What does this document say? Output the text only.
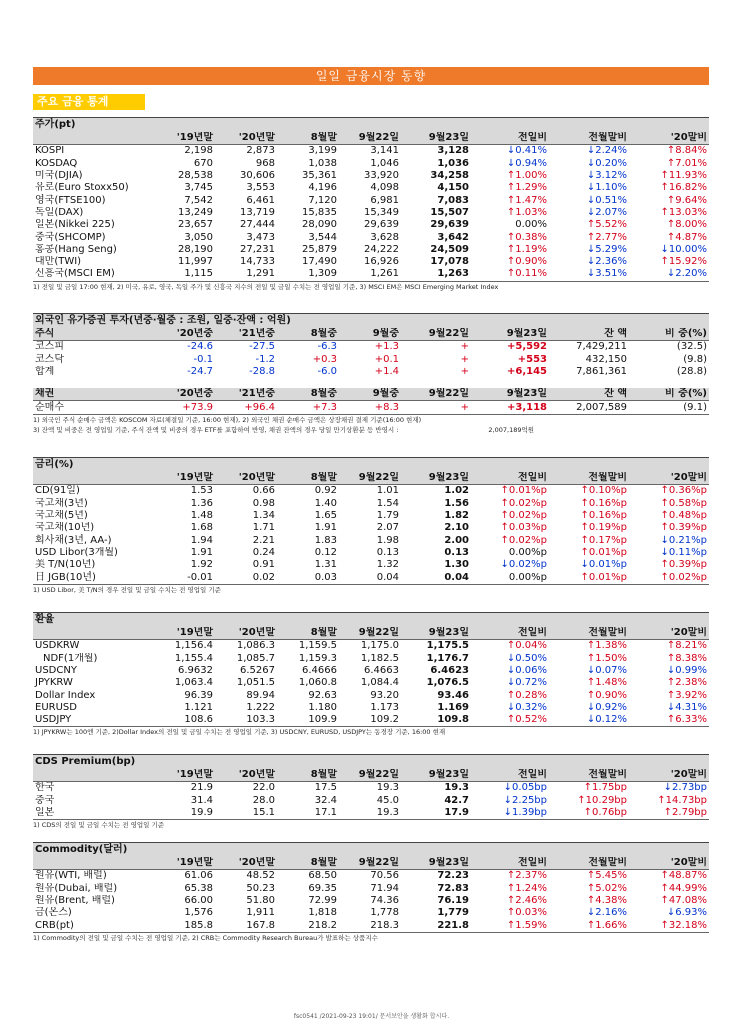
일일 금융시장 동향
주요 금융 통계
주가(pt)
	'19년말	'20년말	8월말	9월22일	9월23일	전일비	전월말비	'20말비
KOSPI	2,198	2,873	3,199	3,141	3,128	↓0.41%	↓2.24%	↑8.84%
KOSDAQ	670	968	1,038	1,046	1,036	↓0.94%	↓0.20%	↑7.01%
미국(DJIA)	28,538	30,606	35,361	33,920	34,258	↑1.00%	↓3.12%	↑11.93%
유로(Euro Stoxx50)	3,745	3,553	4,196	4,098	4,150	↑1.29%	↓1.10%	↑16.82%
영국(FTSE100)	7,542	6,461	7,120	6,981	7,083	↑1.47%	↓0.51%	↑9.64%
독일(DAX)	13,249	13,719	15,835	15,349	15,507	↑1.03%	↓2.07%	↑13.03%
일본(Nikkei 225)	23,657	27,444	28,090	29,639	29,639	0.00%	↑5.52%	↑8.00%
중국(SHCOMP)	3,050	3,473	3,544	3,628	3,642	↑0.38%	↑2.77%	↑4.87%
홍콩(Hang Seng)	28,190	27,231	25,879	24,222	24,509	↑1.19%	↓5.29%	↓10.00%
대만(TWI)	11,997	14,733	17,490	16,926	17,078	↑0.90%	↓2.36%	↑15.92%
신흥국(MSCI EM)	1,115	1,291	1,309	1,261	1,263	↑0.11%	↓3.51%	↓2.20%
1) 전일 및 금일 17:00 현재, 2) 미국, 유로, 영국, 독일 주가 및 신흥국 지수의 전일 및 금일 수치는 전 영업일 기준, 3) MSCI EM은 MSCI Emerging Market Index
외국인 유가증권 투자(년중·월중 : 조원, 일중·잔액 : 억원)
주식	'20년중	'21년중	8월중	9월중	9월22일	9월23일	잔 액	비 중(%)
코스피	-24.6	-27.5	-6.3	+1.3	+	+5,592	7,429,211	(32.5)
코스닥	-0.1	-1.2	+0.3	+0.1	+	+553	432,150	(9.8)
합계	-24.7	-28.8	-6.0	+1.4	+	+6,145	7,861,361	(28.8)
채권	'20년중	'21년중	8월중	9월중	9월22일	9월23일	잔 액	비 중(%)
순매수	+73.9	+96.4	+7.3	+8.3	+	+3,118	2,007,589	(9.1)
1) 외국인 주식 순매수 금액은 KOSCOM 자료(체결일 기준, 16:00 현재), 2) 외국인 채권 순매수 금액은 상장채권 결제 기준(16:00 현재)
3) 잔액 및 비중은 전 영업일 기준, 주식 잔액 및 비중의 경우 ETF를 포함하여 반영, 채권 잔액의 경우 당일 만기상환분 등 반영시 :	2,007,189억원
금리(%)
	'19년말	'20년말	8월말	9월22일	9월23일	전일비	전월말비	'20말비
CD(91일)	1.53	0.66	0.92	1.01	1.02	↑0.01%p	↑0.10%p	↑0.36%p
국고채(3년)	1.36	0.98	1.40	1.54	1.56	↑0.02%p	↑0.16%p	↑0.58%p
국고채(5년)	1.48	1.34	1.65	1.79	1.82	↑0.02%p	↑0.16%p	↑0.48%p
국고채(10년)	1.68	1.71	1.91	2.07	2.10	↑0.03%p	↑0.19%p	↑0.39%p
회사채(3년, AA-)	1.94	2.21	1.83	1.98	2.00	↑0.02%p	↑0.17%p	↓0.21%p
USD Libor(3개월)	1.91	0.24	0.12	0.13	0.13	0.00%p	↑0.01%p	↓0.11%p
美 T/N(10년)	1.92	0.91	1.31	1.32	1.30	↓0.02%p	↓0.01%p	↑0.39%p
日 JGB(10년)	-0.01	0.02	0.03	0.04	0.04	0.00%p	↑0.01%p	↑0.02%p
1) USD Libor, 美 T/N의 경우 전일 및 금일 수치는 전 영업일 기준
환율
	'19년말	'20년말	8월말	9월22일	9월23일	전일비	전월말비	'20말비
USDKRW	1,156.4	1,086.3	1,159.5	1,175.0	1,175.5	↑0.04%	↑1.38%	↑8.21%
NDF(1개월)	1,155.4	1,085.7	1,159.3	1,182.5	1,176.7	↓0.50%	↑1.50%	↑8.38%
USDCNY	6.9632	6.5267	6.4666	6.4663	6.4623	↓0.06%	↓0.07%	↓0.99%
JPYKRW	1,063.4	1,051.5	1,060.8	1,084.4	1,076.5	↓0.72%	↑1.48%	↑2.38%
Dollar Index	96.39	89.94	92.63	93.20	93.46	↑0.28%	↑0.90%	↑3.92%
EURUSD	1.121	1.222	1.180	1.173	1.169	↓0.32%	↓0.92%	↓4.31%
USDJPY	108.6	103.3	109.9	109.2	109.8	↑0.52%	↓0.12%	↑6.33%
1) JPYKRW는 100엔 기준, 2)Dollar Index의 전일 및 금일 수치는 전 영업일 기준, 3) USDCNY, EURUSD, USDJPY는 동경장 기준, 16:00 현재
CDS Premium(bp)
	'19년말	'20년말	8월말	9월22일	9월23일	전일비	전월말비	'20말비
한국	21.9	22.0	17.5	19.3	19.3	↓0.05bp	↑1.75bp	↓2.73bp
중국	31.4	28.0	32.4	45.0	42.7	↓2.25bp	↑10.29bp	↑14.73bp
일본	19.9	15.1	17.1	19.3	17.9	↓1.39bp	↑0.76bp	↑2.79bp
1) CDS의 전일 및 금일 수치는 전 영업일 기준
Commodity(달러)
	'19년말	'20년말	8월말	9월22일	9월23일	전일비	전월말비	'20말비
원유(WTI, 배럴)	61.06	48.52	68.50	70.56	72.23	↑2.37%	↑5.45%	↑48.87%
원유(Dubai, 배럴)	65.38	50.23	69.35	71.94	72.83	↑1.24%	↑5.02%	↑44.99%
원유(Brent, 배럴)	66.00	51.80	72.99	74.36	76.19	↑2.46%	↑4.38%	↑47.08%
금(온스)	1,576	1,911	1,818	1,778	1,779	↑0.03%	↓2.16%	↓6.93%
CRB(pt)	185.8	167.8	218.2	218.3	221.8	↑1.59%	↑1.66%	↑32.18%
1) Commodity의 전일 및 금일 수치는 전 영업일 기준, 2) CRB는 Commodity Research Bureau가 발표하는 상품지수
fsc0541 /2021-09-23 19:01/ 문서보안을 생활화 합시다.
